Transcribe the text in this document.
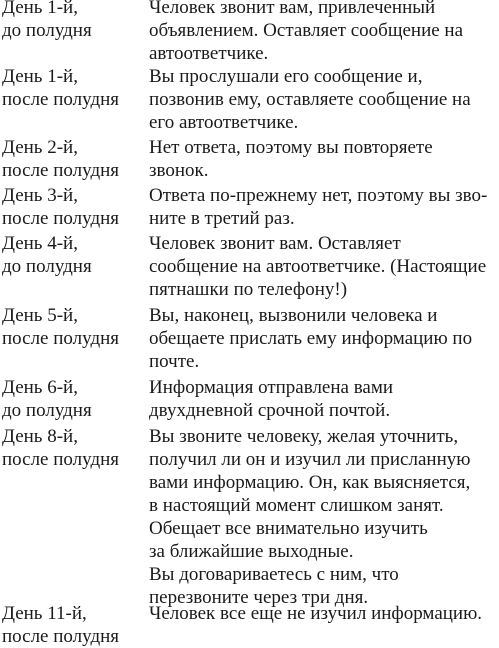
День 1-й,
до полудня
Человек звонит вам, привлеченный
объявлением. Оставляет сообщение на
автоответчике.
День 1-й,
после полудня
Вы прослушали его сообщение и,
позвонив ему, оставляете сообщение на
его автоответчике.
День 2-й,
после полудня
Нет ответа, поэтому вы повторяете
звонок.
День 3-й,
после полудня
Ответа по-прежнему нет, поэтому вы зво-
ните в третий раз.
День 4-й,
до полудня
Человек звонит вам. Оставляет
сообщение на автоответчике. (Настоящие
пятнашки по телефону!)
День 5-й,
после полудня
Вы, наконец, вызвонили человека и
обещаете прислать ему информацию по
почте.
День 6-й,
до полудня
Информация отправлена вами
двухдневной срочной почтой.
День 8-й,
после полудня
Вы звоните человеку, желая уточнить,
получил ли он и изучил ли присланную
вами информацию. Он, как выясняется,
в настоящий момент слишком занят.
Обещает все внимательно изучить
за ближайшие выходные.
Вы договариваетесь с ним, что
перезвоните через три дня.
День 11-й,
после полудня
Человек все еще не изучил информацию.
